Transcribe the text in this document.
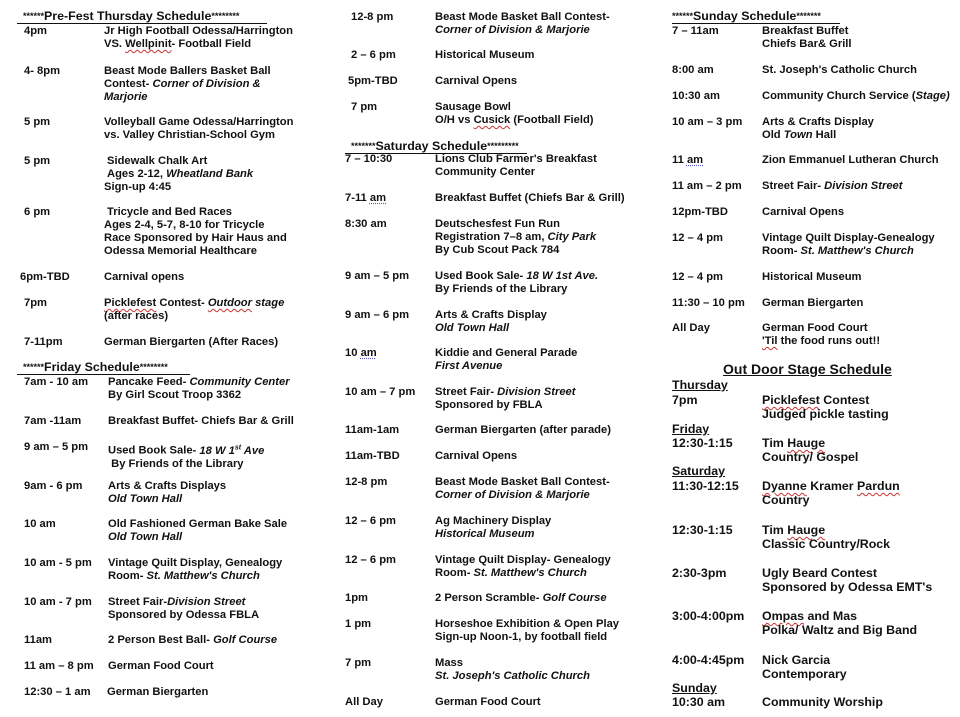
******Pre-Fest Thursday Schedule********
4pm	Jr High Football Odessa/Harrington
VS. Wellpinit- Football Field
4- 8pm	Beast Mode Ballers Basket Ball
Contest- Corner of Division &
Marjorie
5 pm	Volleyball Game Odessa/Harrington
vs. Valley Christian-School Gym
5 pm	Sidewalk Chalk Art
Ages 2-12, Wheatland Bank
Sign-up 4:45
6 pm	Tricycle and Bed Races
Ages 2-4, 5-7, 8-10 for Tricycle
Race Sponsored by Hair Haus and
Odessa Memorial Healthcare
6pm-TBD	Carnival opens
7pm	Picklefest Contest- Outdoor stage
(after races)
7-11pm	German Biergarten (After Races)
******Friday Schedule********
7am - 10 am Pancake Feed- Community Center
By Girl Scout Troop 3362
7am -11am Breakfast Buffet- Chiefs Bar & Grill
9 am – 5 pm Used Book Sale- 18 W 1st Ave
By Friends of the Library
9am - 6 pm Arts & Crafts Displays
Old Town Hall
10 am	Old Fashioned German Bake Sale
Old Town Hall
10 am - 5 pm Vintage Quilt Display, Genealogy
Room- St. Matthew's Church
10 am - 7 pm Street Fair-Division Street
Sponsored by Odessa FBLA
11am	2 Person Best Ball- Golf Course
11 am – 8 pm German Food Court
12:30 – 1 am German Biergarten
12-8 pm	Beast Mode Basket Ball Contest-
Corner of Division & Marjorie
2 – 6 pm	Historical Museum
5pm-TBD	Carnival Opens
7 pm	Sausage Bowl
O/H vs Cusick (Football Field)
*******Saturday Schedule*********
7 – 10:30	Lions Club Farmer's Breakfast
Community Center
7-11 am	Breakfast Buffet (Chiefs Bar & Grill)
8:30 am	Deutschesfest Fun Run
Registration 7–8 am, City Park
By Cub Scout Pack 784
9 am – 5 pm Used Book Sale- 18 W 1st Ave.
By Friends of the Library
9 am – 6 pm Arts & Crafts Display
Old Town Hall
10 am	Kiddie and General Parade
First Avenue
10 am – 7 pm Street Fair- Division Street
Sponsored by FBLA
11am-1am	German Biergarten (after parade)
11am-TBD	Carnival Opens
12-8 pm	Beast Mode Basket Ball Contest-
Corner of Division & Marjorie
12 – 6 pm	Ag Machinery Display
Historical Museum
12 – 6 pm	Vintage Quilt Display- Genealogy
Room- St. Matthew's Church
1pm	2 Person Scramble- Golf Course
1 pm	Horseshoe Exhibition & Open Play
Sign-up Noon-1, by football field
7 pm	Mass
St. Joseph's Catholic Church
All Day	German Food Court
******Sunday Schedule*******
7 – 11am	Breakfast Buffet
Chiefs Bar& Grill
8:00 am	St. Joseph's Catholic Church
10:30 am	Community Church Service (Stage)
10 am – 3 pm Arts & Crafts Display
Old Town Hall
11 am	Zion Emmanuel Lutheran Church
11 am – 2 pm Street Fair- Division Street
12pm-TBD	Carnival Opens
12 – 4 pm	Vintage Quilt Display-Genealogy
Room- St. Matthew's Church
12 – 4 pm	Historical Museum
11:30 – 10 pm German Biergarten
All Day	German Food Court
'Til the food runs out!!
Out Door Stage Schedule
Thursday
7pm	Picklefest Contest
Judged pickle tasting
Friday
12:30-1:15 Tim Hauge
Country/ Gospel
Saturday
11:30-12:15 Dyanne Kramer Pardun
Country
12:30-1:15 Tim Hauge
Classic Country/Rock
2:30-3pm	Ugly Beard Contest
Sponsored by Odessa EMT's
3:00-4:00pm Ompas and Mas
Polka/ Waltz and Big Band
4:00-4:45pm Nick Garcia
Contemporary
Sunday
10:30 am	Community Worship
